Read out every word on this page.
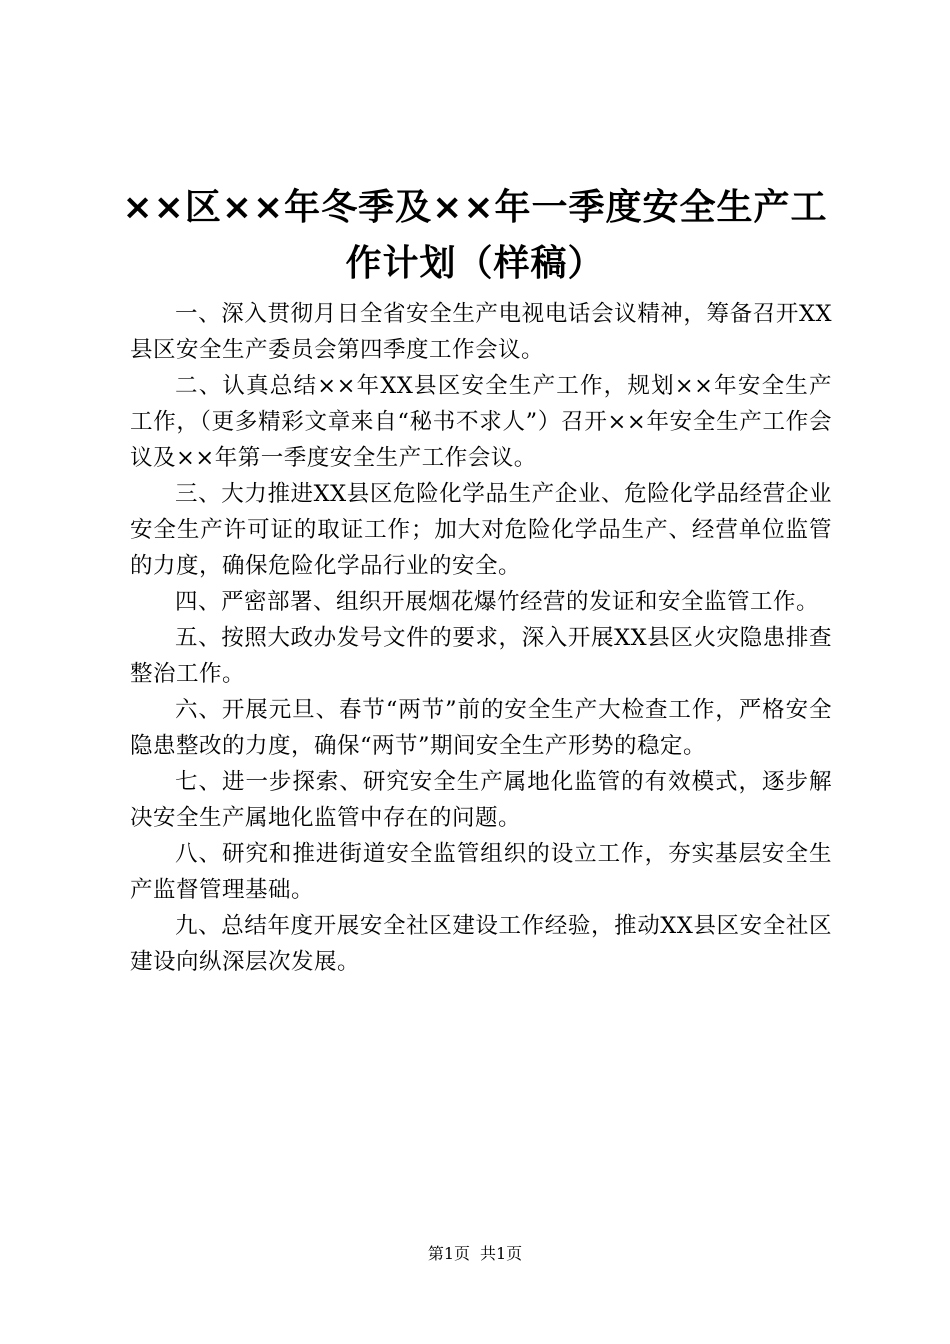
××区××年冬季及××年一季度安全生产工作计划（样稿）

一、深入贯彻月日全省安全生产电视电话会议精神，筹备召开XX县区安全生产委员会第四季度工作会议。

二、认真总结××年XX县区安全生产工作，规划××年安全生产工作，（更多精彩文章来自“秘书不求人”）召开××年安全生产工作会议及××年第一季度安全生产工作会议。

三、大力推进XX县区危险化学品生产企业、危险化学品经营企业安全生产许可证的取证工作；加大对危险化学品生产、经营单位监管的力度，确保危险化学品行业的安全。

四、严密部署、组织开展烟花爆竹经营的发证和安全监管工作。

五、按照大政办发号文件的要求，深入开展XX县区火灾隐患排查整治工作。

六、开展元旦、春节“两节”前的安全生产大检查工作，严格安全隐患整改的力度，确保“两节”期间安全生产形势的稳定。

七、进一步探索、研究安全生产属地化监管的有效模式，逐步解决安全生产属地化监管中存在的问题。

八、研究和推进街道安全监管组织的设立工作，夯实基层安全生产监督管理基础。

九、总结年度开展安全社区建设工作经验，推动XX县区安全社区建设向纵深层次发展。

第1页 共1页
